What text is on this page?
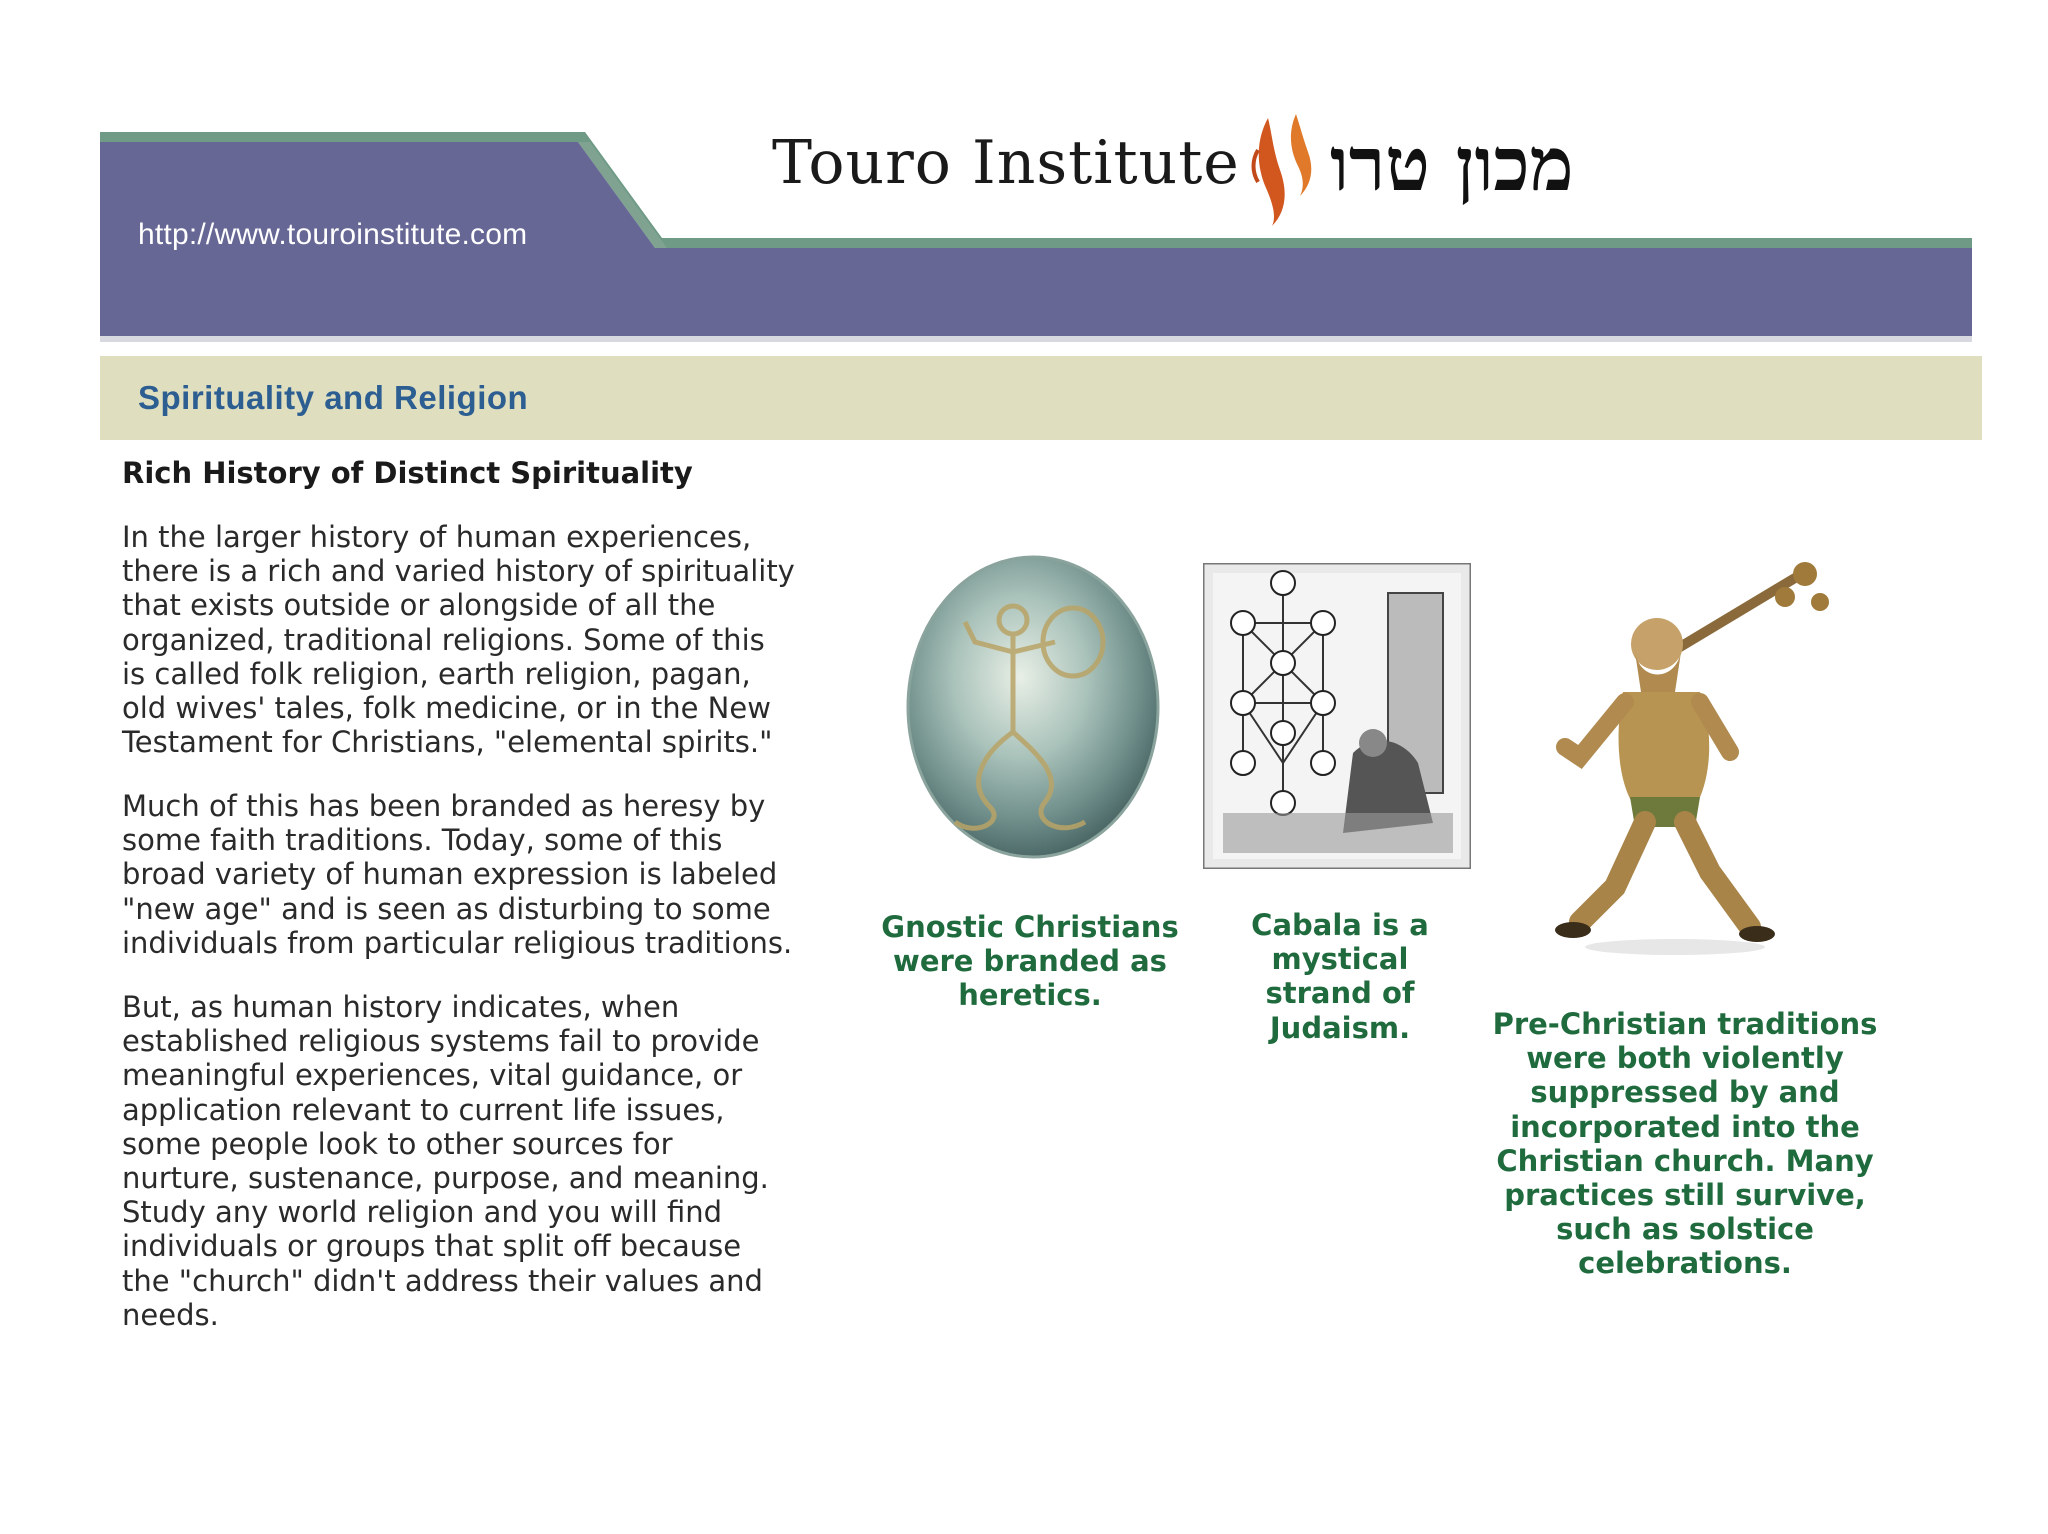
http://www.touroinstitute.com
Touro Institute מכון טרו
Spirituality and Religion
Rich History of Distinct Spirituality
In the larger history of human experiences,
there is a rich and varied history of spirituality
that exists outside or alongside of all the
organized, traditional religions. Some of this
is called folk religion, earth religion, pagan,
old wives' tales, folk medicine, or in the New
Testament for Christians, "elemental spirits."
Much of this has been branded as heresy by
some faith traditions. Today, some of this
broad variety of human expression is labeled
"new age" and is seen as disturbing to some
individuals from particular religious traditions.
But, as human history indicates, when
established religious systems fail to provide
meaningful experiences, vital guidance, or
application relevant to current life issues,
some people look to other sources for
nurture, sustenance, purpose, and meaning.
Study any world religion and you will find
individuals or groups that split off because
the "church" didn't address their values and
needs.
Gnostic Christians
were branded as
heretics.
Cabala is a
mystical
strand of
Judaism.	Pre-Christian traditions
were both violently
suppressed by and
incorporated into the
Christian church. Many
practices still survive,
such as solstice
celebrations.
